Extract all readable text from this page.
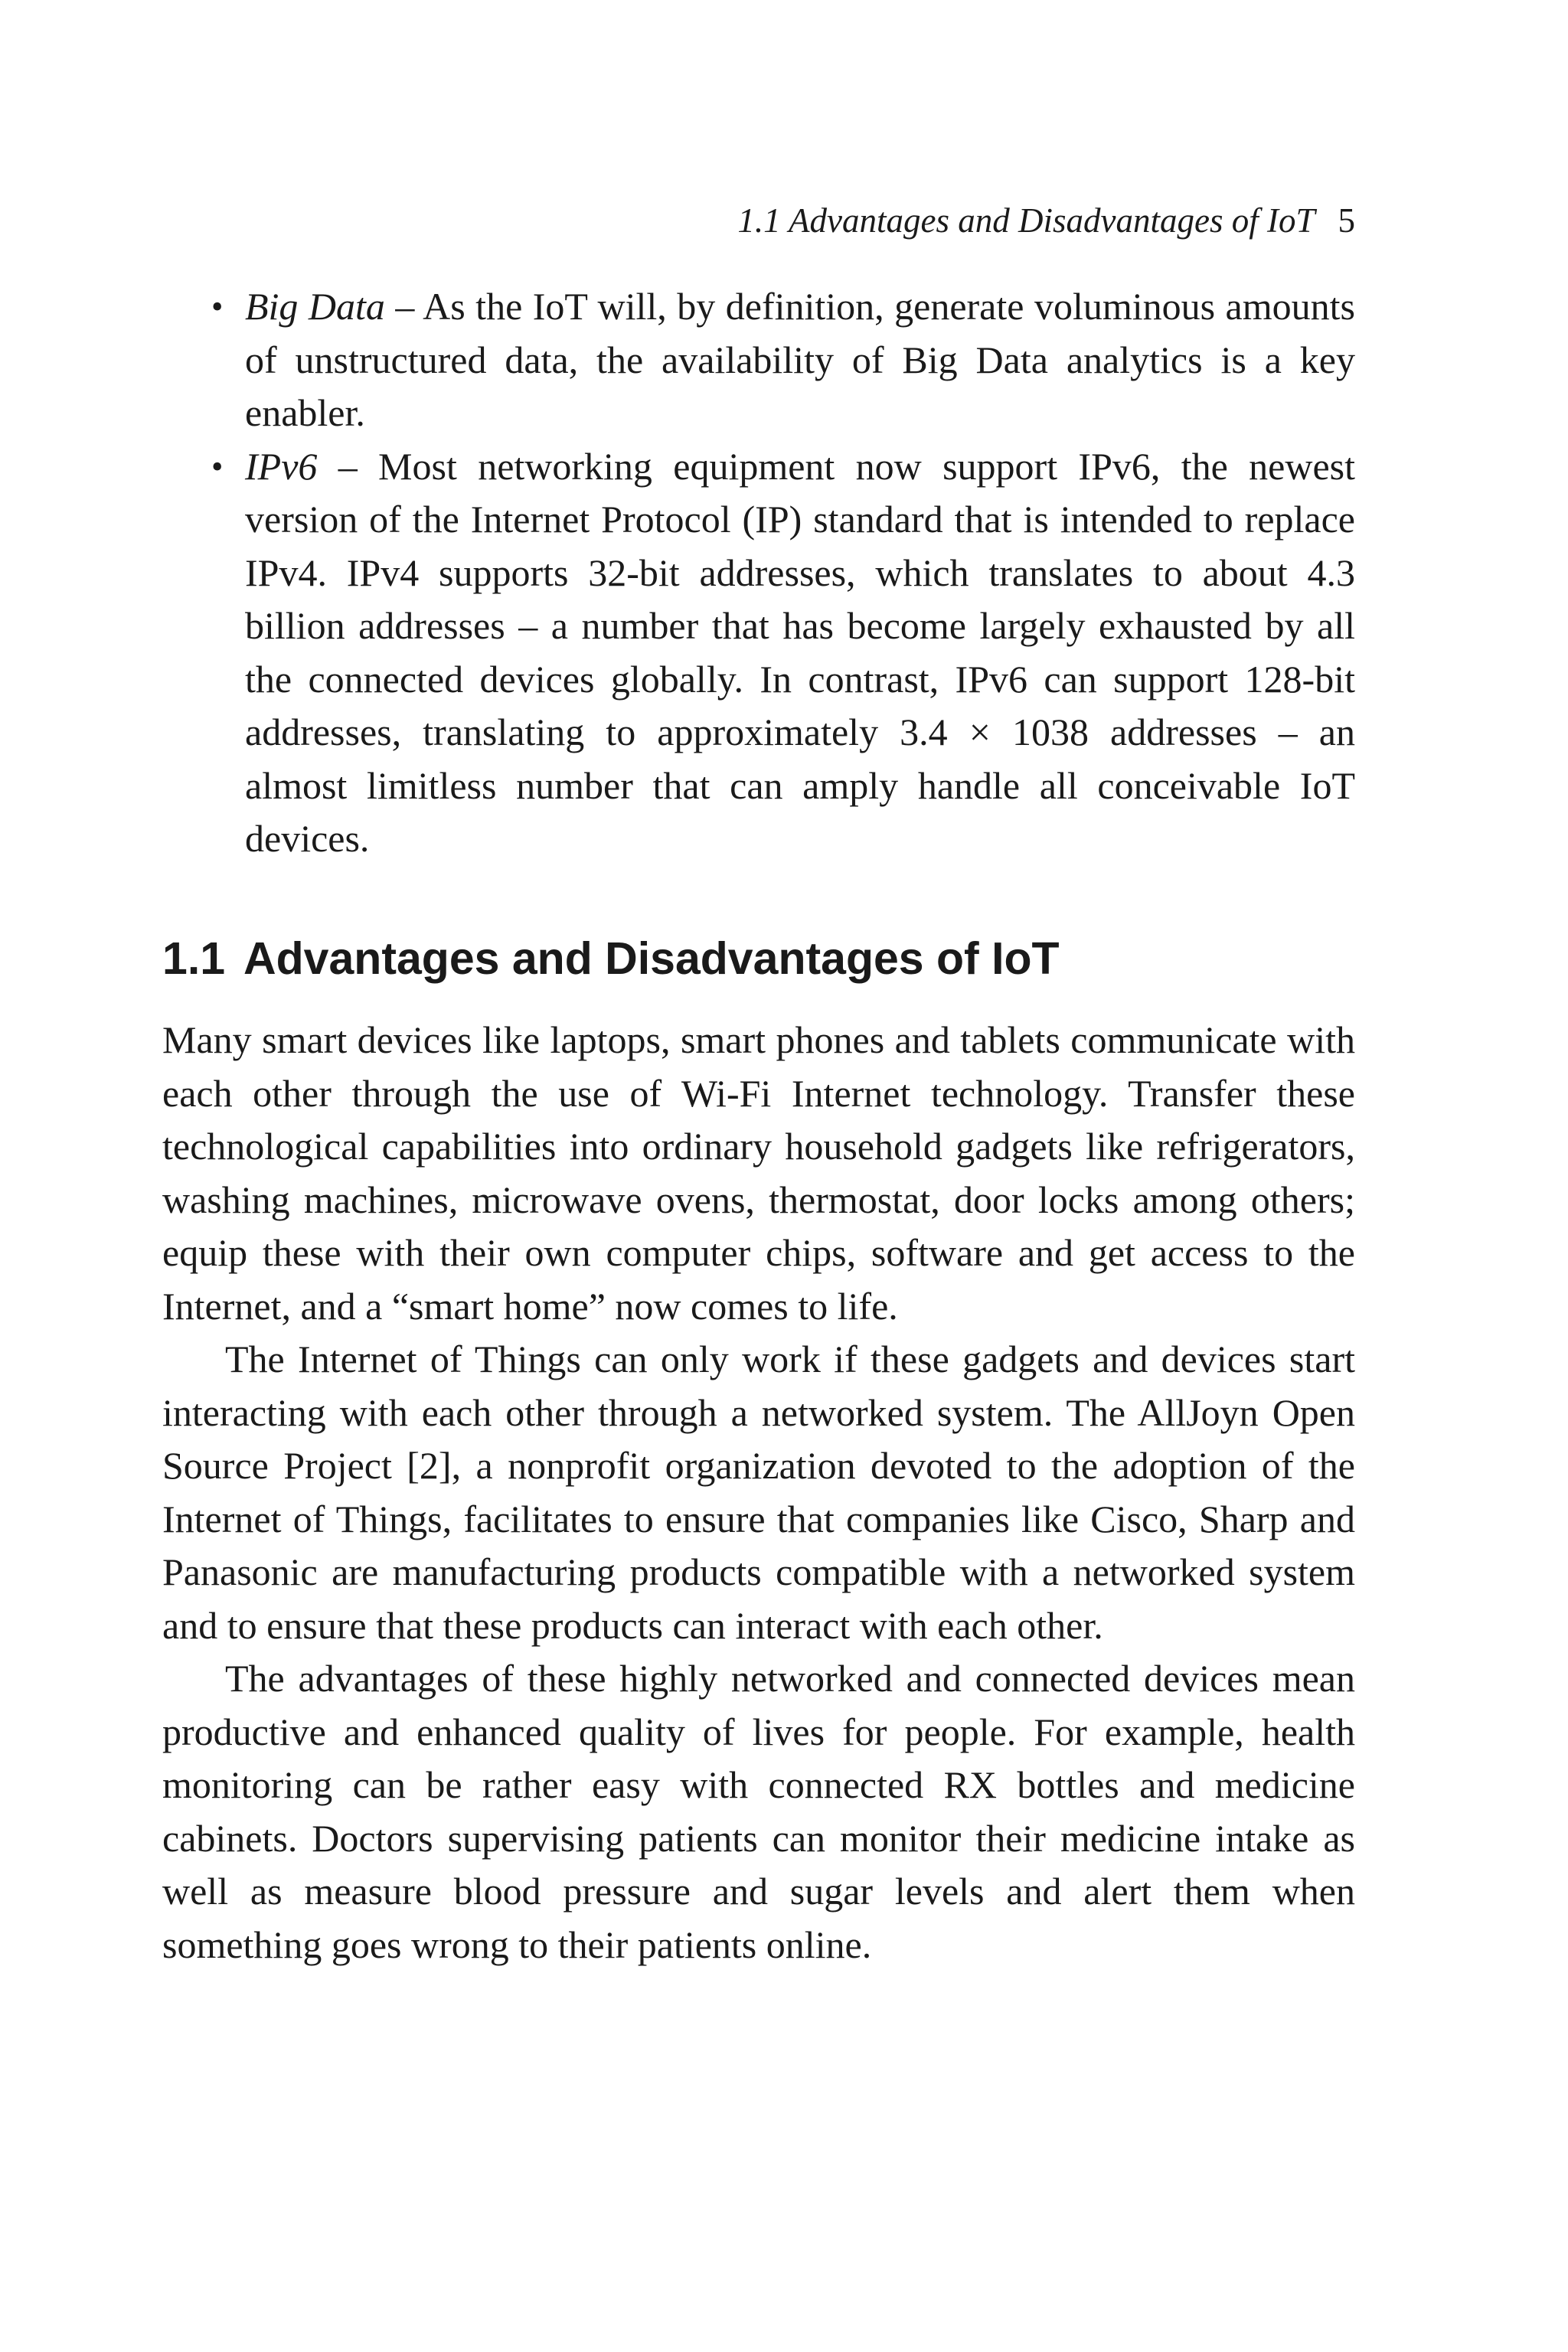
1.1 Advantages and Disadvantages of IoT 5
• Big Data – As the IoT will, by definition, generate voluminous amounts of unstructured data, the availability of Big Data analytics is a key enabler.
• IPv6 – Most networking equipment now support IPv6, the newest version of the Internet Protocol (IP) standard that is intended to replace IPv4. IPv4 supports 32-bit addresses, which translates to about 4.3 billion addresses – a number that has become largely exhausted by all the connected devices globally. In contrast, IPv6 can support 128-bit addresses, translating to approximately 3.4 × 1038 addresses – an almost limitless number that can amply handle all conceivable IoT devices.
1.1 Advantages and Disadvantages of IoT

Many smart devices like laptops, smart phones and tablets communicate with each other through the use of Wi-Fi Internet technology. Transfer these technological capabilities into ordinary household gadgets like refrigerators, washing machines, microwave ovens, thermostat, door locks among others; equip these with their own computer chips, software and get access to the Internet, and a “smart home” now comes to life.

The Internet of Things can only work if these gadgets and devices start interacting with each other through a networked system. The AllJoyn Open Source Project [2], a nonprofit organization devoted to the adoption of the Internet of Things, facilitates to ensure that companies like Cisco, Sharp and Panasonic are manufacturing products compatible with a networked system and to ensure that these products can interact with each other.

The advantages of these highly networked and connected devices mean productive and enhanced quality of lives for people. For example, health monitoring can be rather easy with connected RX bottles and medicine cabinets. Doctors supervising patients can monitor their medicine intake as well as measure blood pressure and sugar levels and alert them when something goes wrong to their patients online.
